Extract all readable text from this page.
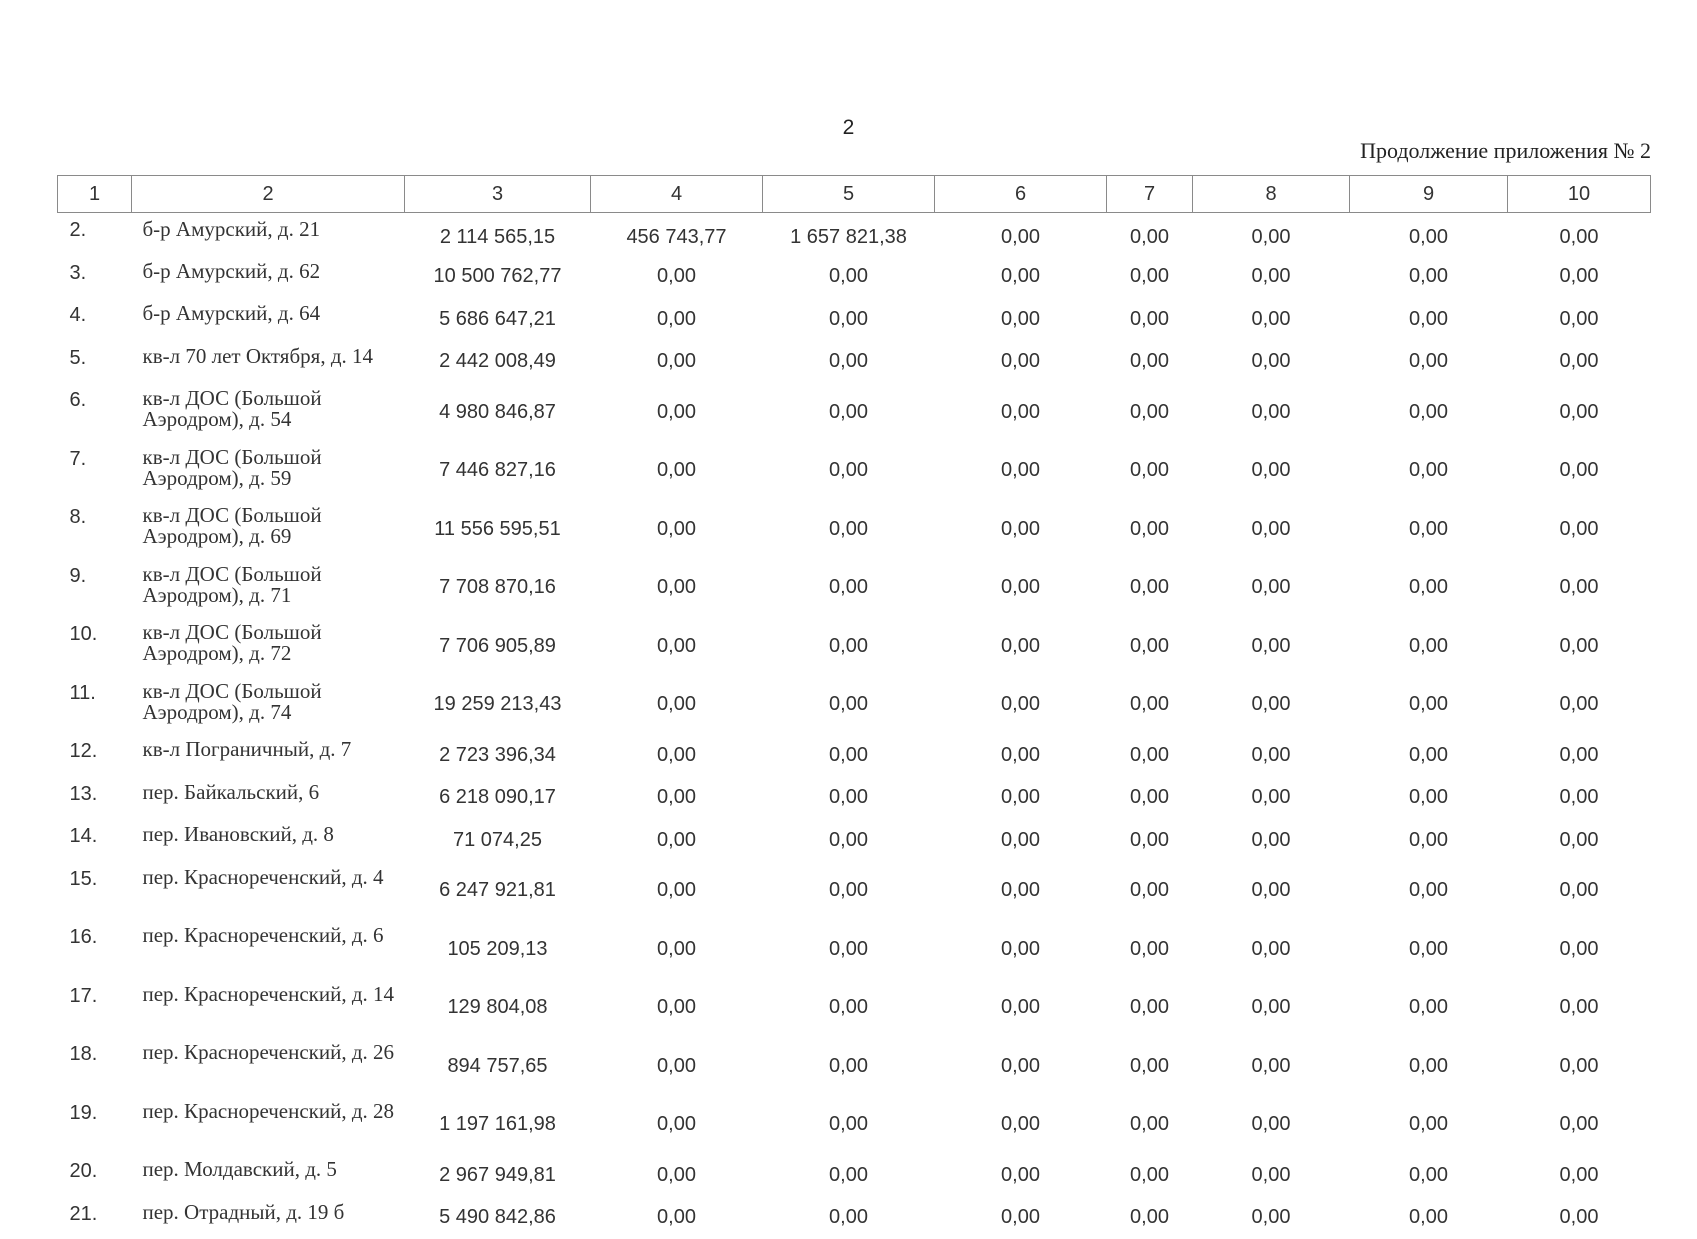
2
Продолжение приложения № 2
1	2	3	4	5	6	7	8	9	10
2.	б-р Амурский, д. 21	2 114 565,15	456 743,77	1 657 821,38	0,00	0,00	0,00	0,00	0,00
3.	б-р Амурский, д. 62	10 500 762,77	0,00	0,00	0,00	0,00	0,00	0,00	0,00
4.	б-р Амурский, д. 64	5 686 647,21	0,00	0,00	0,00	0,00	0,00	0,00	0,00
5.	кв-л 70 лет Октября, д. 14	2 442 008,49	0,00	0,00	0,00	0,00	0,00	0,00	0,00
6.	кв-л ДОС (Большой Аэродром), д. 54	4 980 846,87	0,00	0,00	0,00	0,00	0,00	0,00	0,00
7.	кв-л ДОС (Большой Аэродром), д. 59	7 446 827,16	0,00	0,00	0,00	0,00	0,00	0,00	0,00
8.	кв-л ДОС (Большой Аэродром), д. 69	11 556 595,51	0,00	0,00	0,00	0,00	0,00	0,00	0,00
9.	кв-л ДОС (Большой Аэродром), д. 71	7 708 870,16	0,00	0,00	0,00	0,00	0,00	0,00	0,00
10.	кв-л ДОС (Большой Аэродром), д. 72	7 706 905,89	0,00	0,00	0,00	0,00	0,00	0,00	0,00
11.	кв-л ДОС (Большой Аэродром), д. 74	19 259 213,43	0,00	0,00	0,00	0,00	0,00	0,00	0,00
12.	кв-л Пограничный, д. 7	2 723 396,34	0,00	0,00	0,00	0,00	0,00	0,00	0,00
13.	пер. Байкальский, 6	6 218 090,17	0,00	0,00	0,00	0,00	0,00	0,00	0,00
14.	пер. Ивановский, д. 8	71 074,25	0,00	0,00	0,00	0,00	0,00	0,00	0,00
15.	пер. Краснореченский, д. 4	6 247 921,81	0,00	0,00	0,00	0,00	0,00	0,00	0,00
16.	пер. Краснореченский, д. 6	105 209,13	0,00	0,00	0,00	0,00	0,00	0,00	0,00
17.	пер. Краснореченский, д. 14	129 804,08	0,00	0,00	0,00	0,00	0,00	0,00	0,00
18.	пер. Краснореченский, д. 26	894 757,65	0,00	0,00	0,00	0,00	0,00	0,00	0,00
19.	пер. Краснореченский, д. 28	1 197 161,98	0,00	0,00	0,00	0,00	0,00	0,00	0,00
20.	пер. Молдавский, д. 5	2 967 949,81	0,00	0,00	0,00	0,00	0,00	0,00	0,00
21.	пер. Отрадный, д. 19 б	5 490 842,86	0,00	0,00	0,00	0,00	0,00	0,00	0,00
